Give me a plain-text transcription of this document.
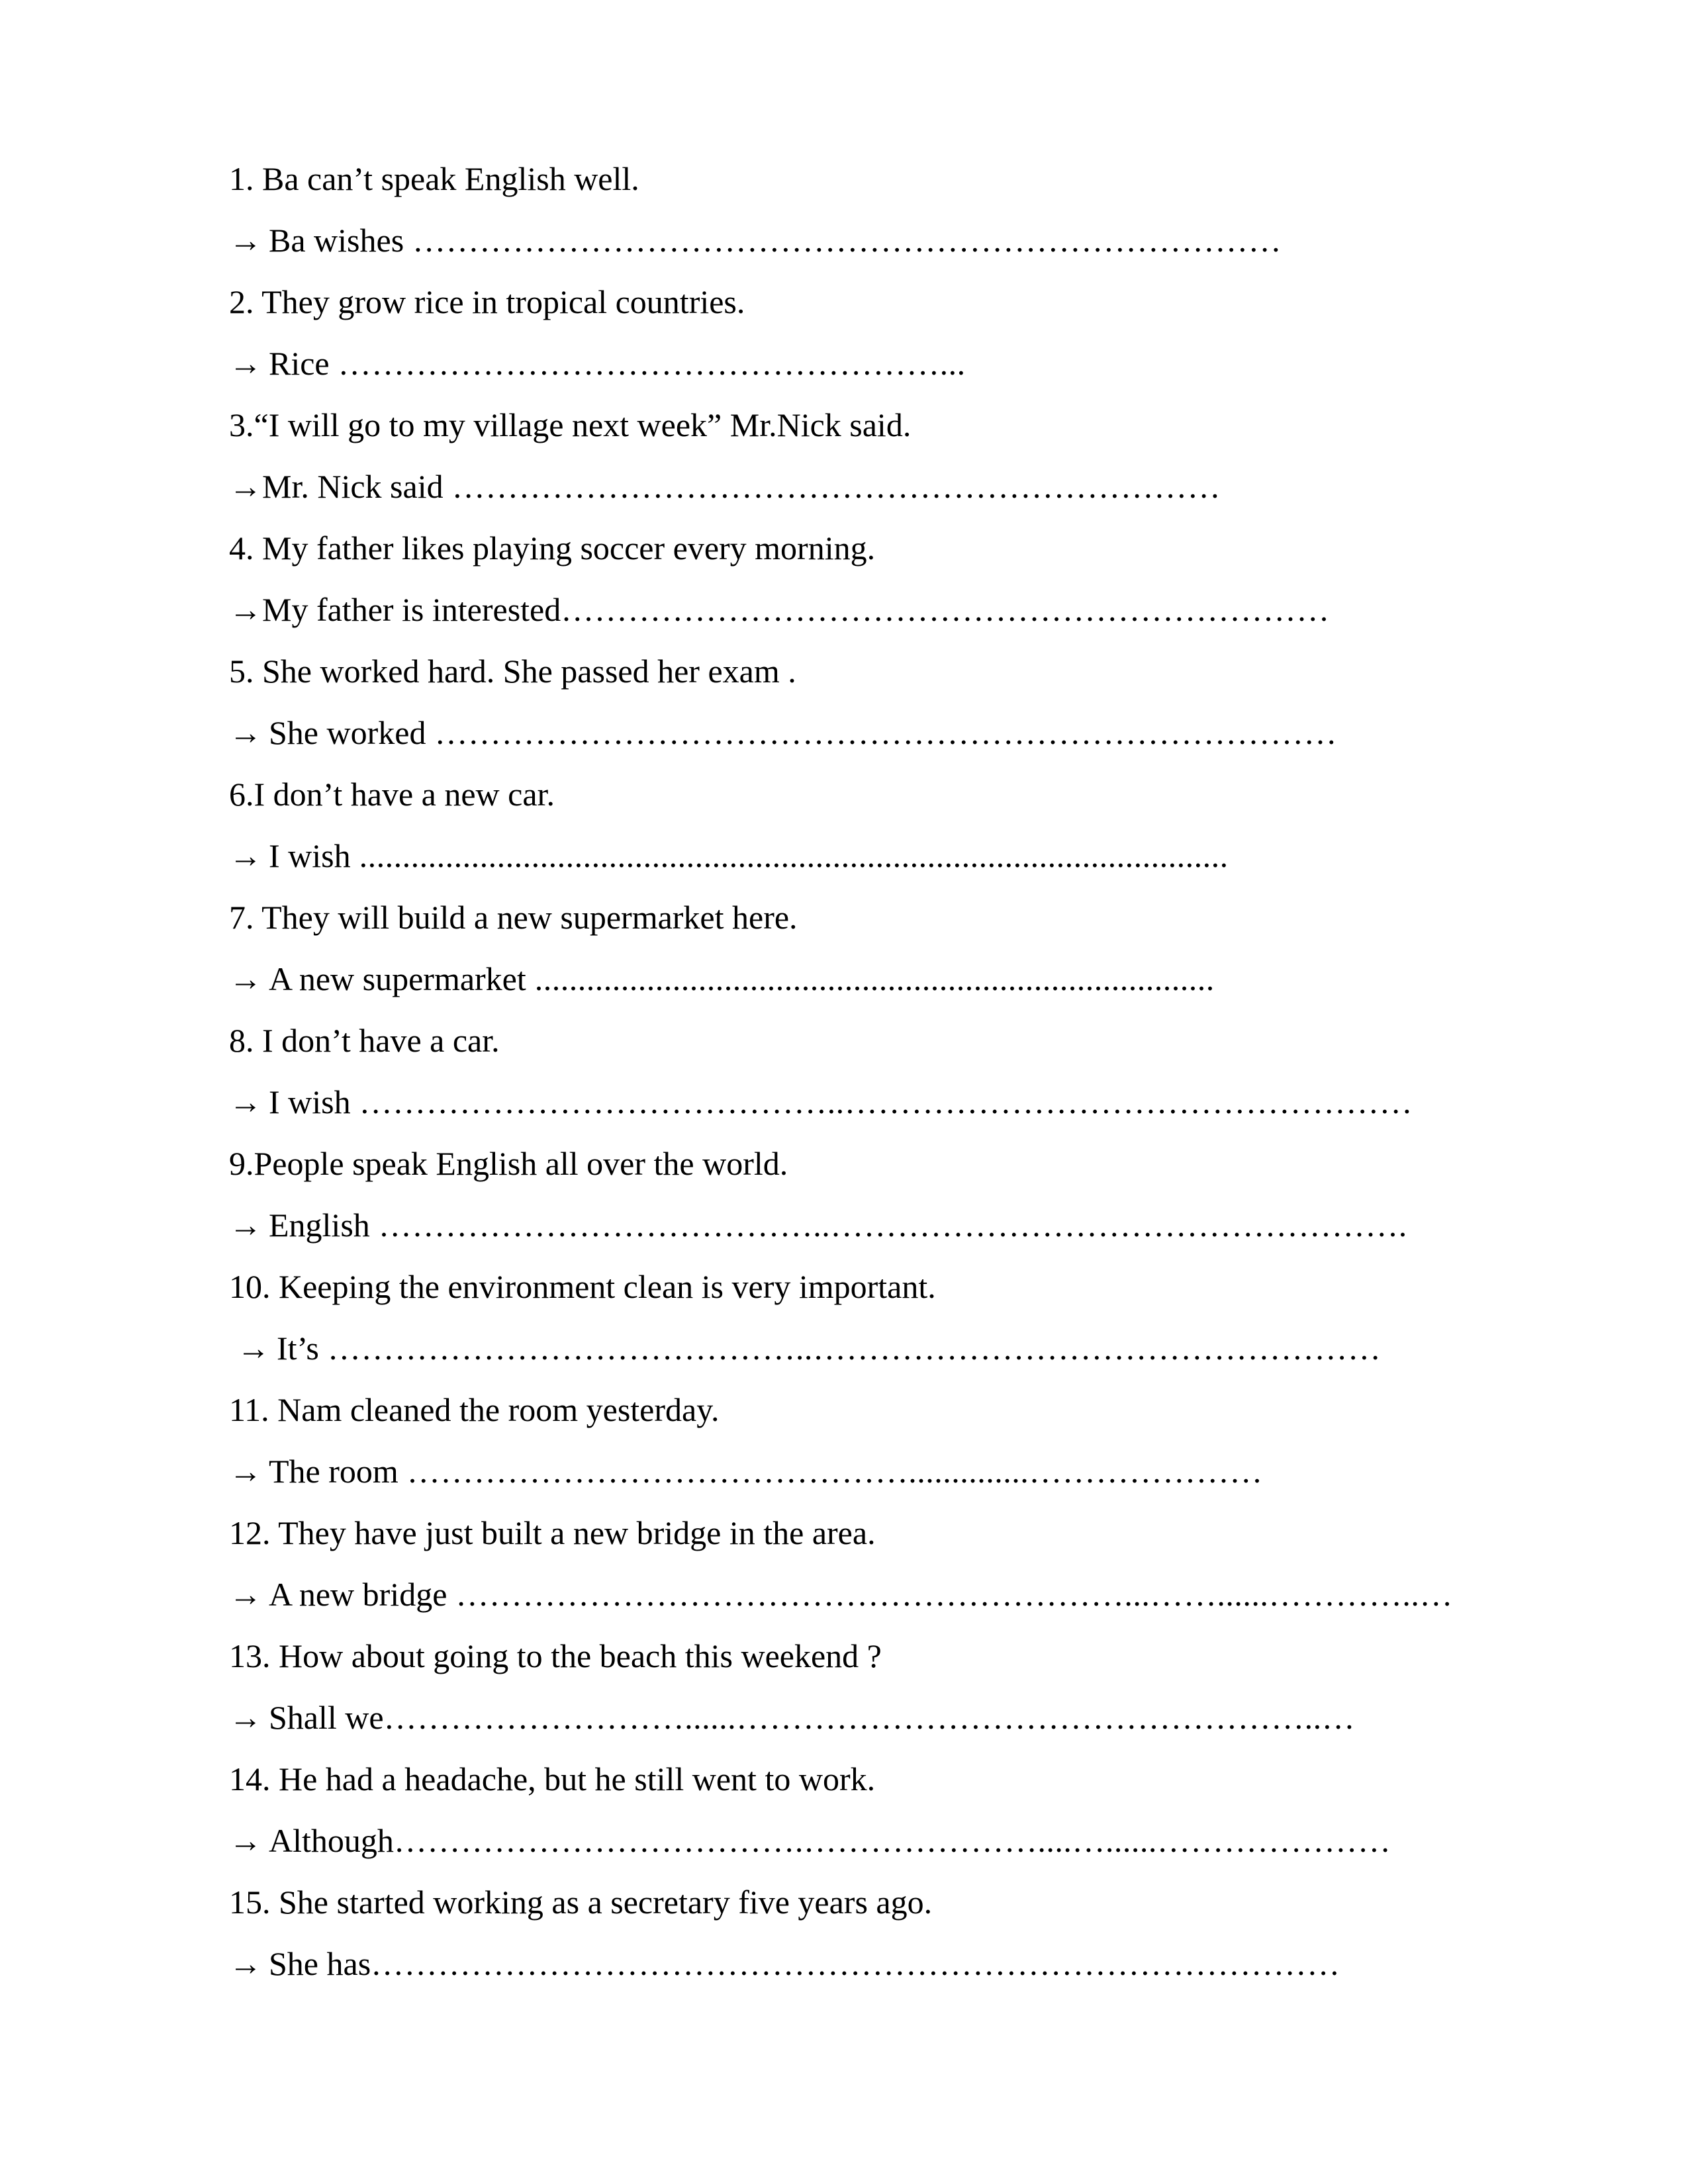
1. Ba can’t speak English well.
→ Ba wishes ……………………………………………………………………
2. They grow rice in tropical countries.
→ Rice ………………………………………………...
3.“I will go to my village next week” Mr.Nick said.
→Mr. Nick said ……………………………………………………………
4. My father likes playing soccer every morning.
→My father is interested……………………………………………………………
5. She worked hard. She passed her exam .
→ She worked ………………………………………………………………………
6.I don’t have a new car.
→ I wish .....................................................................................................
7. They will build a new supermarket here.
→ A new supermarket ...............................................................................
8. I don’t have a car.
→ I wish ……………………………………..……………………………………………
9.People speak English all over the world.
→ English …………………………………..…………………………………………….
10. Keeping the environment clean is very important.
→ It’s ……………………………………..……………………………………………
11. Nam cleaned the room yesterday.
→ The room ………………………………………..............…………………
12. They have just built a new bridge in the area.
→ A new bridge ……………………………………………………...……......…………..…
13. How about going to the beach this weekend ?
→ Shall we………………………......……………………………………………..…
14. He had a headache, but he still went to work.
→ Although……………………………….…………………....…......…………………
15. She started working as a secretary five years ago.
→ She has……………………………………………………………………………
